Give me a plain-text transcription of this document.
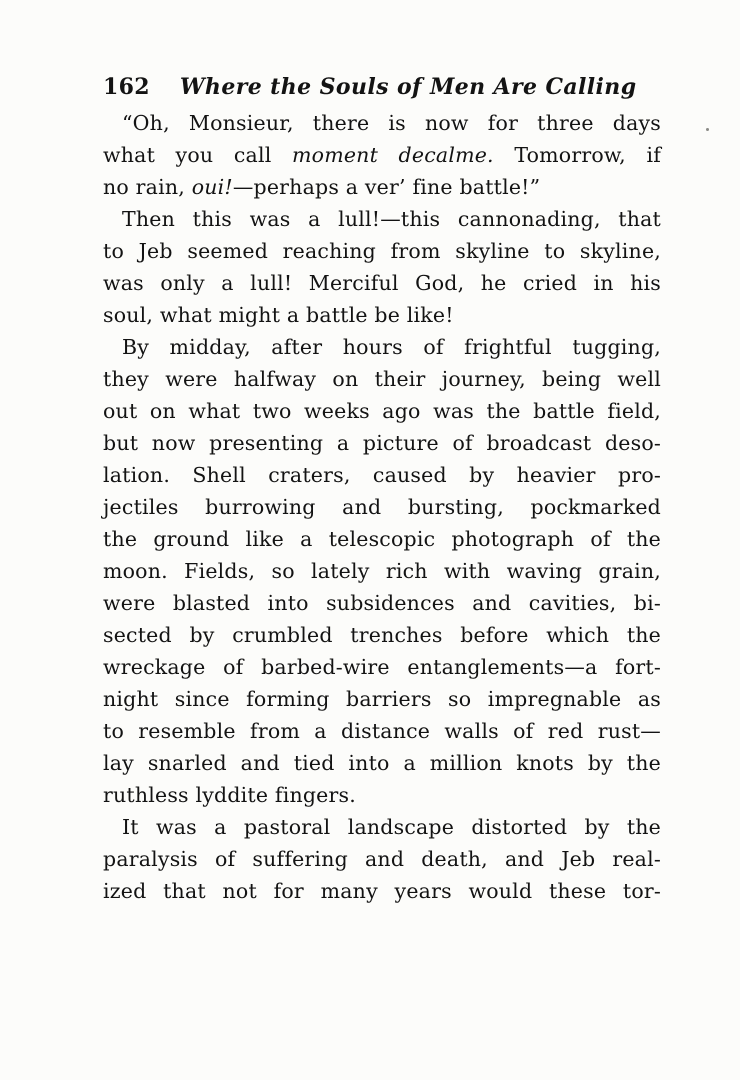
162 Where the Souls of Men Are Calling
“Oh, Monsieur, there is now for three days
what you call moment decalme. Tomorrow, if
no rain, oui!—perhaps a ver’ fine battle!”
Then this was a lull!—this cannonading, that
to Jeb seemed reaching from skyline to skyline,
was only a lull! Merciful God, he cried in his
soul, what might a battle be like!
By midday, after hours of frightful tugging,
they were halfway on their journey, being well
out on what two weeks ago was the battle field,
but now presenting a picture of broadcast deso-
lation. Shell craters, caused by heavier pro-
jectiles burrowing and bursting, pockmarked
the ground like a telescopic photograph of the
moon. Fields, so lately rich with waving grain,
were blasted into subsidences and cavities, bi-
sected by crumbled trenches before which the
wreckage of barbed-wire entanglements—a fort-
night since forming barriers so impregnable as
to resemble from a distance walls of red rust—
lay snarled and tied into a million knots by the
ruthless lyddite fingers.
It was a pastoral landscape distorted by the
paralysis of suffering and death, and Jeb real-
ized that not for many years would these tor-
